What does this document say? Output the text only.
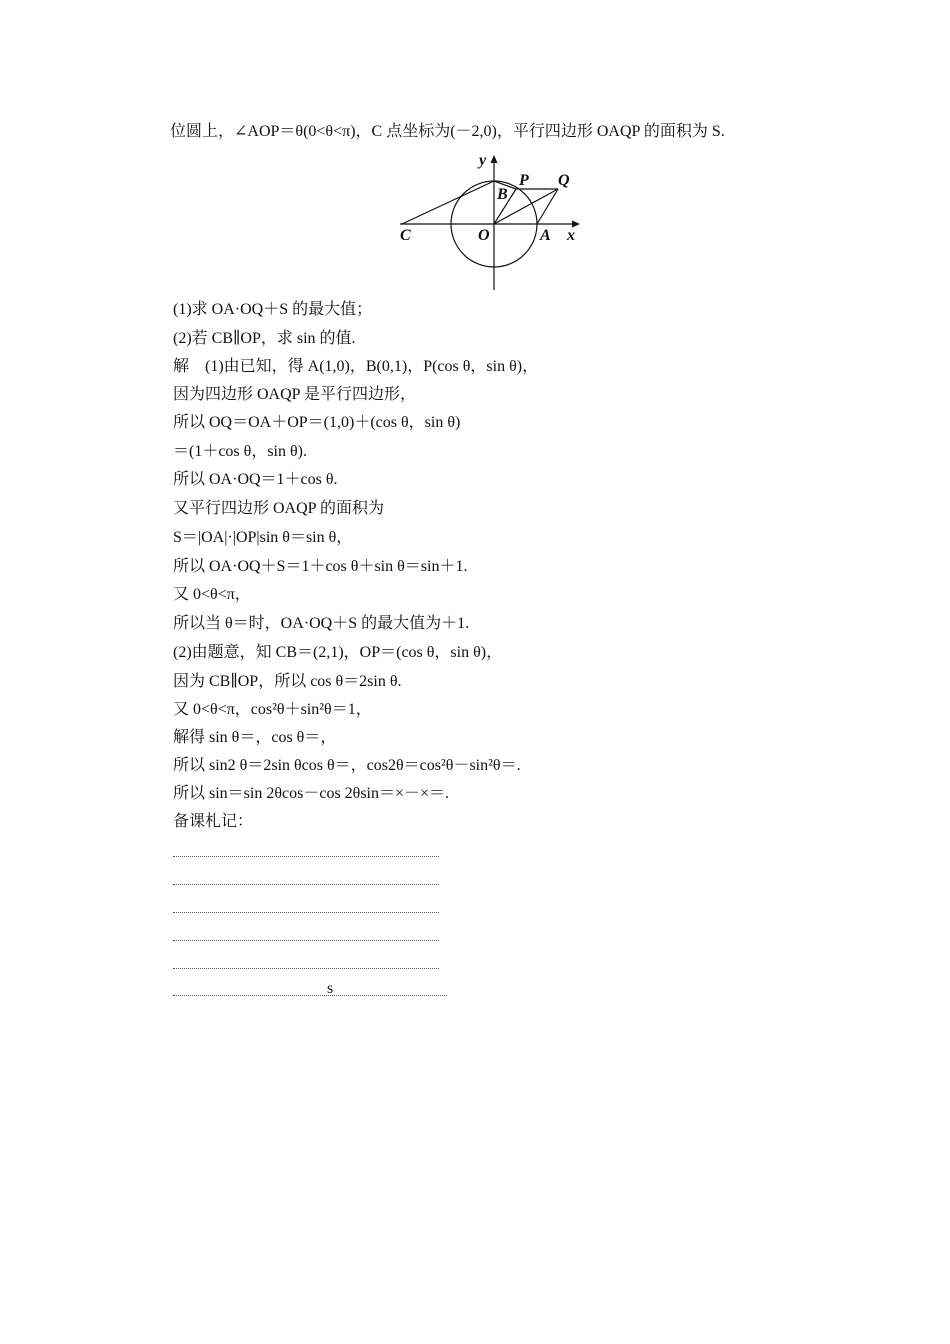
位圆上，∠AOP＝θ(0<θ<π)，C 点坐标为(－2,0)，平行四边形 OAQP 的面积为 S.
y
x
B
P Q
C	O	A
(1)求 OA·OQ＋S 的最大值；
(2)若 CB∥OP，求 sin 的值.
解　(1)由已知，得 A(1,0)，B(0,1)，P(cos θ，sin θ)，
因为四边形 OAQP 是平行四边形，
所以 OQ＝OA＋OP＝(1,0)＋(cos θ，sin θ)
＝(1＋cos θ，sin θ).
所以 OA·OQ＝1＋cos θ.
又平行四边形 OAQP 的面积为
S＝|OA|·|OP|sin θ＝sin θ，
所以 OA·OQ＋S＝1＋cos θ＋sin θ＝sin＋1.
又 0<θ<π，
所以当 θ＝时，OA·OQ＋S 的最大值为＋1.
(2)由题意，知 CB＝(2,1)，OP＝(cos θ，sin θ)，
因为 CB∥OP，所以 cos θ＝2sin θ.
又 0<θ<π，cos²θ＋sin²θ＝1，
解得 sin θ＝，cos θ＝，
所以 sin2 θ＝2sin θcos θ＝，cos2θ＝cos²θ－sin²θ＝.
所以 sin＝sin 2θcos－cos 2θsin＝×－×＝.
备课札记：
s
